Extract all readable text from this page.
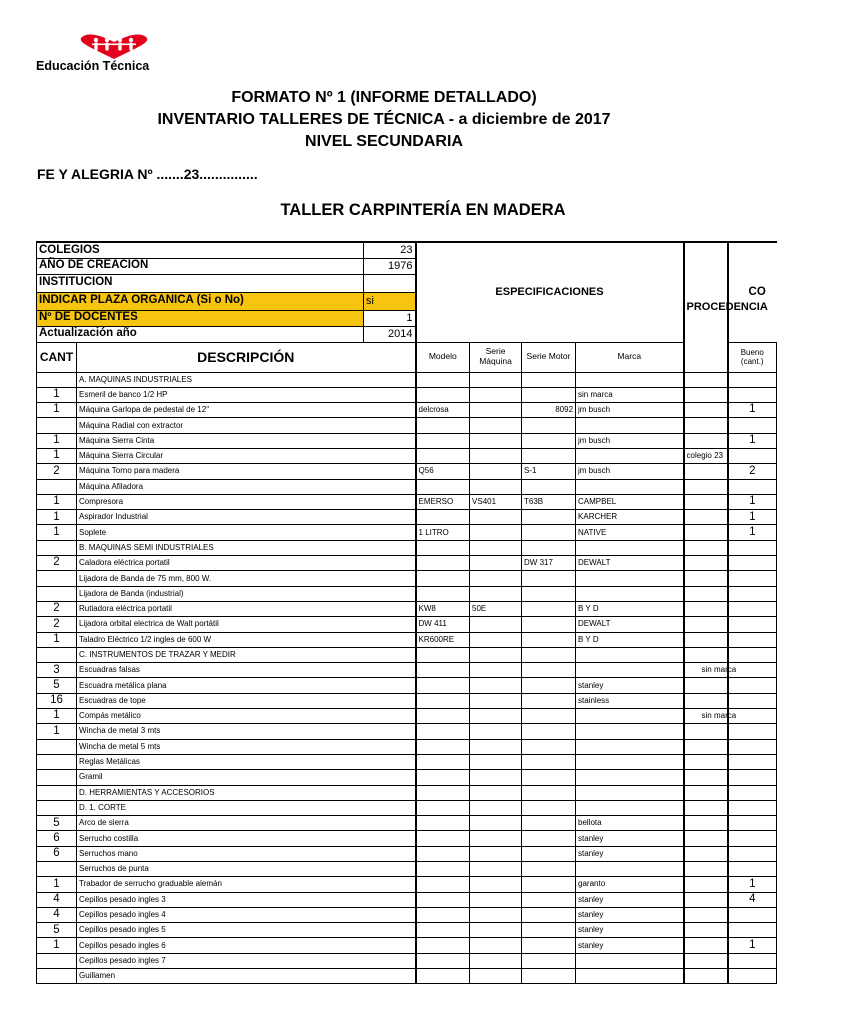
Educación Técnica
FORMATO Nº 1 (INFORME DETALLADO)
INVENTARIO TALLERES DE TÉCNICA - a diciembre de 2017
NIVEL SECUNDARIA
FE Y ALEGRIA Nº .......23...............
TALLER CARPINTERÍA EN MADERA
COLEGIOS		23	ESPECIFICACIONES				PROCEDENCIA	CO	
AÑO DE CREACION		1976							
INSTITUCION									
INDICAR PLAZA ORGANICA (Si o No)		si							
Nº DE DOCENTES		1							
Actualización año		2014							
CANT	DESCRIPCIÓN		Modelo	Serie Máquina	Serie Motor	Marca		Bueno (cant.)	
	A. MAQUINAS INDUSTRIALES								
1	Esmeril de banco 1/2 HP					sin marca			
1	Máquina Garlopa de pedestal de 12"		delcrosa		8092	jm busch		1	
	Máquina Radial con extractor								
1	Máquina Sierra Cinta					jm busch		1	
1	Máquina Sierra Circular						colegio 23		
2	Máquina Torno para madera		Q56		S-1	jm busch		2	
	Máquina Afiladora								
1	Compresora		EMERSO	VS401	T63B	CAMPBEL		1	
1	Aspirador Industrial					KARCHER		1	
1	Soplete		1 LITRO			NATIVE		1	
	B. MAQUINAS SEMI INDUSTRIALES								
2	Caladora eléctrica portatil				DW 317	DEWALT			
	Lijadora de Banda de 75 mm, 800 W.								
	Lijadora de Banda (industrial)								
2	Rutiadora eléctrica portatil		KW8	50E		B Y D			
2	Lijadora orbital electrica de Walt portátil		DW 411			DEWALT			
1	Taladro Eléctrico 1/2 ingles de 600 W		KR600RE			B Y D			
	C. INSTRUMENTOS DE TRAZAR Y MEDIR								
3	Escuadras falsas						sin marca		
5	Escuadra metálica plana					stanley			
16	Escuadras de tope					stainless			
1	Compás metálico						sin marca		
1	Wincha de metal 3 mts								
	Wincha de metal 5 mts								
	Reglas Metálicas								
	Gramil								
	D. HERRAMIENTAS Y ACCESORIOS								
	D. 1. CORTE								
5	Arco de sierra					bellota			
6	Serrucho costilla					stanley			
6	Serruchos mano					stanley			
	Serruchos de punta								
1	Trabador de serrucho graduable alemán					garanto		1	
4	Cepillos pesado ingles 3					stanley		4	
4	Cepillos pesado ingles 4					stanley			
5	Cepillos pesado ingles 5					stanley			
1	Cepillos pesado ingles 6					stanley		1	
	Cepillos pesado ingles 7								
	Guillamen								
